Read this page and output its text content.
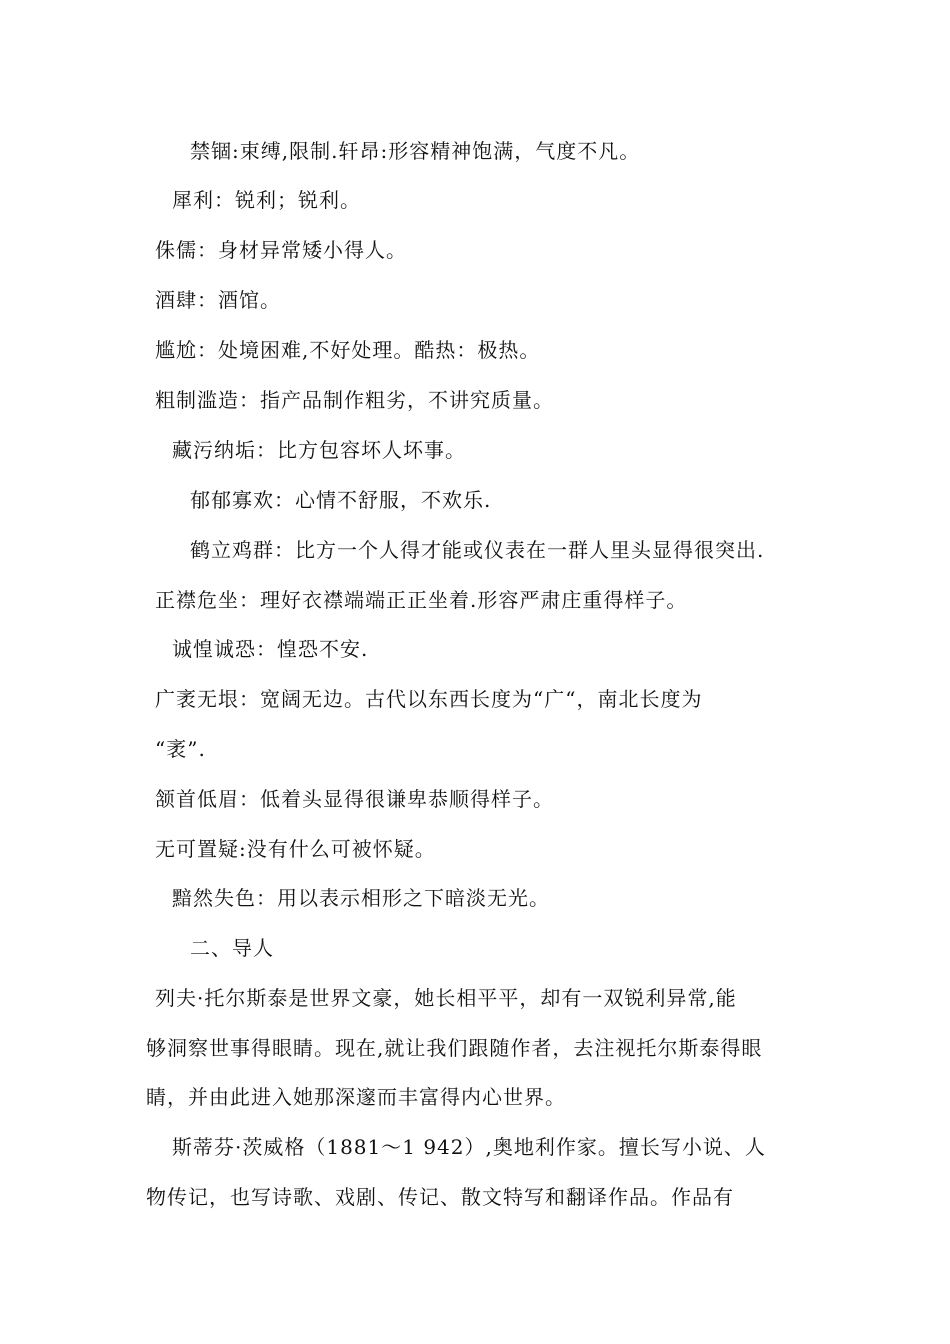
禁锢:束缚,限制.轩昂:形容精神饱满，气度不凡。
犀利：锐利；锐利。
侏儒：身材异常矮小得人。
酒肆：酒馆。
尴尬：处境困难,不好处理。酷热：极热。
粗制滥造：指产品制作粗劣，不讲究质量。
藏污纳垢：比方包容坏人坏事。
郁郁寡欢：心情不舒服，不欢乐.
鹤立鸡群：比方一个人得才能或仪表在一群人里头显得很突出.
正襟危坐：理好衣襟端端正正坐着.形容严肃庄重得样子。
诚惶诚恐：惶恐不安.
广袤无垠：宽阔无边。古代以东西长度为“广“，南北长度为
“袤”.
颔首低眉：低着头显得很谦卑恭顺得样子。
无可置疑:没有什么可被怀疑。
黯然失色：用以表示相形之下暗淡无光。
二、导人
列夫·托尔斯泰是世界文豪，她长相平平，却有一双锐利异常,能
够洞察世事得眼睛。现在,就让我们跟随作者，去注视托尔斯泰得眼
睛，并由此进入她那深邃而丰富得内心世界。
斯蒂芬·茨威格（1881～1 942）,奥地利作家。擅长写小说、人
物传记，也写诗歌、戏剧、传记、散文特写和翻译作品。作品有
